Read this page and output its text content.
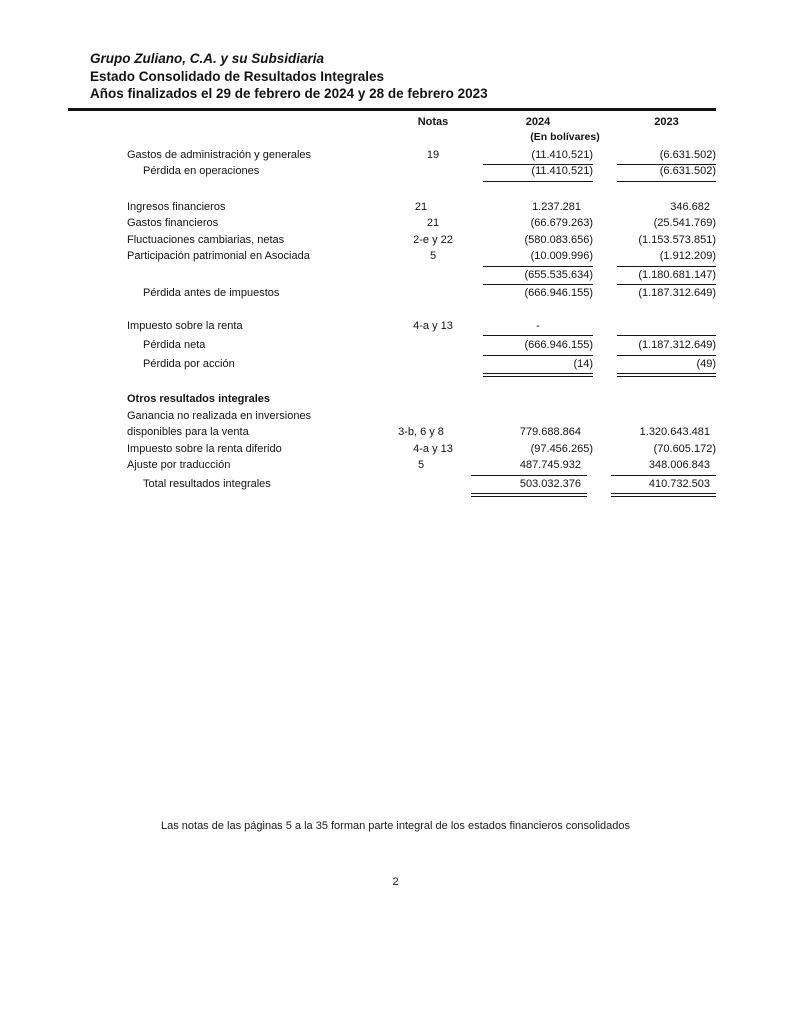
Grupo Zuliano, C.A. y su Subsidiaria
Estado Consolidado de Resultados Integrales
Años finalizados el 29 de febrero de 2024 y 28 de febrero 2023
Notas	2024	2023
(En bolívares)
Gastos de administración y generales	19	(11.410.521)	(6.631.502)
Pérdida en operaciones	(11.410.521)	(6.631.502)
Ingresos financieros	21	1.237.281	346.682
Gastos financieros	21	(66.679.263)	(25.541.769)
Fluctuaciones cambiarias, netas	2-e y 22	(580.083.656)	(1.153.573.851)
Participación patrimonial en Asociada	5	(10.009.996)	(1.912.209)
(655.535.634)	(1.180.681.147)
Pérdida antes de impuestos	(666.946.155)	(1.187.312.649)
Impuesto sobre la renta	4-a y 13	-
Pérdida neta	(666.946.155)	(1.187.312.649)
Pérdida por acción	(14)	(49)
Otros resultados integrales
Ganancia no realizada en inversiones
disponibles para la venta	3-b, 6 y 8	779.688.864	1.320.643.481
Impuesto sobre la renta diferido	4-a y 13	(97.456.265)	(70.605.172)
Ajuste por traducción	5	487.745.932	348.006.843
Total resultados integrales	503.032.376	410.732.503
Las notas de las páginas 5 a la 35 forman parte integral de los estados financieros consolidados
2
